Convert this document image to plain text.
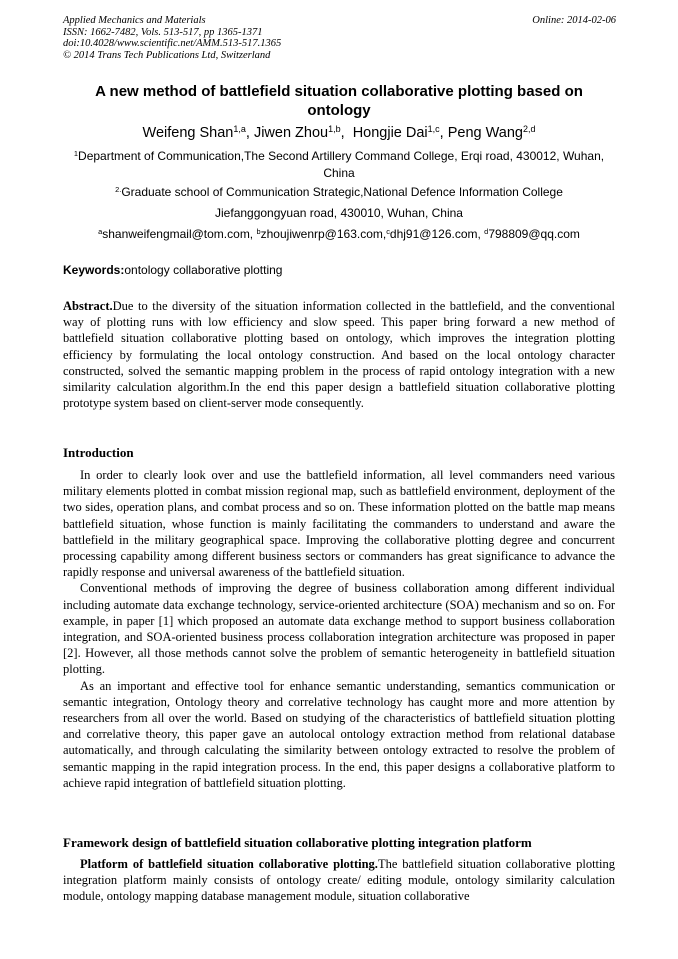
Applied Mechanics and Materials
ISSN: 1662-7482, Vols. 513-517, pp 1365-1371
doi:10.4028/www.scientific.net/AMM.513-517.1365
© 2014 Trans Tech Publications Ltd, Switzerland
Online: 2014-02-06
A new method of battlefield situation collaborative plotting based on ontology
Weifeng Shan$^{1,a}$, Jiwen Zhou$^{1,b}$,  Hongjie Dai$^{1,c}$, Peng Wang$^{2,d}$
$^1$Department of Communication,The Second Artillery Command College, Erqi road, 430012, Wuhan, China
$^{2.}$Graduate school of Communication Strategic,National Defence Information College
Jiefanggongyuan road, 430010, Wuhan, China
$^a$shanweifengmail@tom.com, $^b$zhoujiwenrp@163.com,$^c$dhj91@126.com, $^d$798809@qq.com
Keywords:ontology collaborative plotting

Abstract.Due to the diversity of the situation information collected in the battlefield, and the conventional way of plotting runs with low efficiency and slow speed. This paper bring forward a new method of battlefield situation collaborative plotting based on ontology, which improves the integration plotting efficiency by formulating the local ontology construction. And based on the local ontology character constructed, solved the semantic mapping problem in the process of rapid ontology integration with a new similarity calculation algorithm.In the end this paper design a battlefield situation collaborative plotting prototype system based on client-server mode consequently.

Introduction

In order to clearly look over and use the battlefield information, all level commanders need various military elements plotted in combat mission regional map, such as battlefield environment, deployment of the two sides, operation plans, and combat process and so on. These information plotted on the battle map means battlefield situation, whose function is mainly facilitating the commanders to understand and aware the battlefield in the military geographical space. Improving the collaborative plotting degree and concurrent processing capability among different business sectors or commanders has great significance to advance the rapidly response and universal awareness of the battlefield situation.

Conventional methods of improving the degree of business collaboration among different individual including automate data exchange technology, service-oriented architecture (SOA) mechanism and so on. For example, in paper [1] which proposed an automate data exchange method to support business collaboration integration, and SOA-oriented business process collaboration integration architecture was proposed in paper [2]. However, all those methods cannot solve the problem of semantic heterogeneity in battlefield situation plotting.

As an important and effective tool for enhance semantic understanding, semantics communication or semantic integration, Ontology theory and correlative technology has caught more and more attention by researchers from all over the world. Based on studying of the characteristics of battlefield situation plotting and correlative theory, this paper gave an autolocal ontology extraction method from relational database automatically, and through calculating the similarity between ontology extracted to resolve the problem of semantic mapping in the rapid integration process. In the end, this paper designs a collaborative platform to achieve rapid integration of battlefield situation plotting.

Framework design of battlefield situation collaborative plotting integration platform

Platform of battlefield situation collaborative plotting.The battlefield situation collaborative plotting integration platform mainly consists of ontology create/ editing module, ontology similarity calculation module, ontology mapping database management module, situation collaborative
